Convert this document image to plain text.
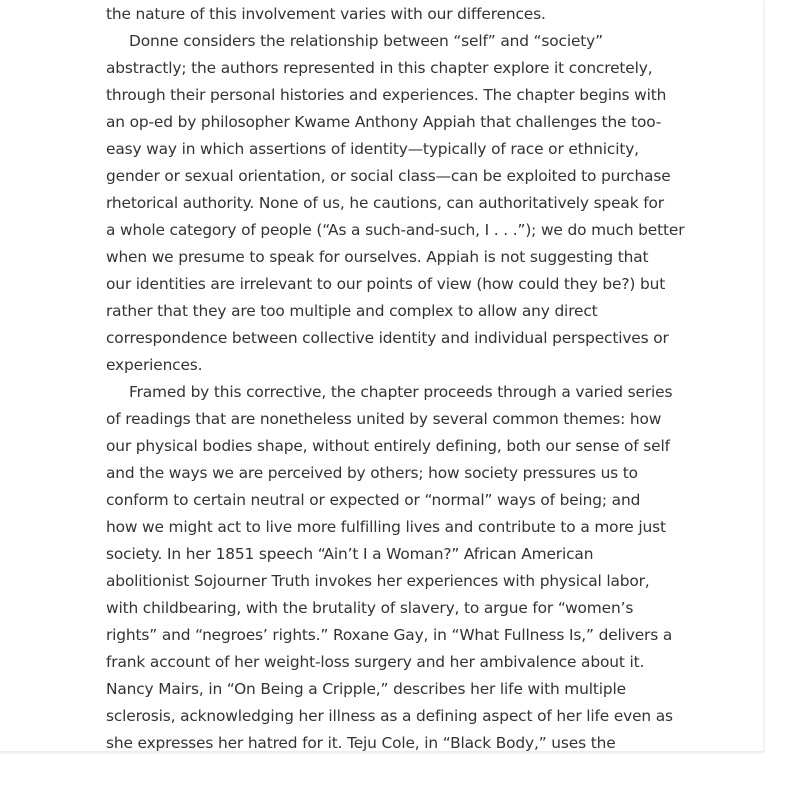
the nature of this involvement varies with our differences.
Donne considers the relationship between “self” and “society”
abstractly; the authors represented in this chapter explore it concretely,
through their personal histories and experiences. The chapter begins with
an op-ed by philosopher Kwame Anthony Appiah that challenges the too-
easy way in which assertions of identity—typically of race or ethnicity,
gender or sexual orientation, or social class—can be exploited to purchase
rhetorical authority. None of us, he cautions, can authoritatively speak for
a whole category of people (“As a such-and-such, I . . .”); we do much better
when we presume to speak for ourselves. Appiah is not suggesting that
our identities are irrelevant to our points of view (how could they be?) but
rather that they are too multiple and complex to allow any direct
correspondence between collective identity and individual perspectives or
experiences.
Framed by this corrective, the chapter proceeds through a varied series
of readings that are nonetheless united by several common themes: how
our physical bodies shape, without entirely defining, both our sense of self
and the ways we are perceived by others; how society pressures us to
conform to certain neutral or expected or “normal” ways of being; and
how we might act to live more fulfilling lives and contribute to a more just
society. In her 1851 speech “Ain’t I a Woman?” African American
abolitionist Sojourner Truth invokes her experiences with physical labor,
with childbearing, with the brutality of slavery, to argue for “women’s
rights” and “negroes’ rights.” Roxane Gay, in “What Fullness Is,” delivers a
frank account of her weight-loss surgery and her ambivalence about it.
Nancy Mairs, in “On Being a Cripple,” describes her life with multiple
sclerosis, acknowledging her illness as a defining aspect of her life even as
she expresses her hatred for it. Teju Cole, in “Black Body,” uses the
